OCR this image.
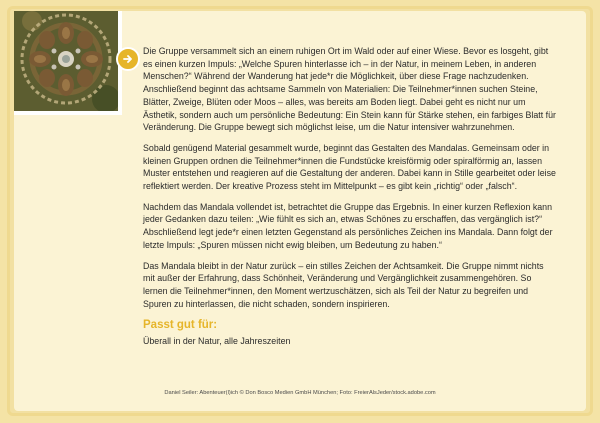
Die Gruppe versammelt sich an einem ruhigen Ort im Wald oder auf einer Wiese. Bevor es losgeht, gibt es einen kurzen Impuls: „Welche Spuren hinterlasse ich – in der Natur, in meinem Leben, in anderen Menschen?“ Während der Wanderung hat jede*r die Möglichkeit, über diese Frage nachzudenken. Anschließend beginnt das achtsame Sammeln von Materialien: Die Teilnehmer*innen suchen Steine, Blätter, Zweige, Blüten oder Moos – alles, was bereits am Boden liegt. Dabei geht es nicht nur um Ästhetik, sondern auch um persönliche Bedeutung: Ein Stein kann für Stärke stehen, ein farbiges Blatt für Veränderung. Die Gruppe bewegt sich möglichst leise, um die Natur intensiver wahrzunehmen.

Sobald genügend Material gesammelt wurde, beginnt das Gestalten des Mandalas. Gemeinsam oder in kleinen Gruppen ordnen die Teilnehmer*innen die Fundstücke kreisförmig oder spiralförmig an, lassen Muster entstehen und reagieren auf die Gestaltung der anderen. Dabei kann in Stille gearbeitet oder leise reflektiert werden. Der kreative Prozess steht im Mittelpunkt – es gibt kein „richtig“ oder „falsch“.

Nachdem das Mandala vollendet ist, betrachtet die Gruppe das Ergebnis. In einer kurzen Reflexion kann jeder Gedanken dazu teilen: „Wie fühlt es sich an, etwas Schönes zu erschaffen, das vergänglich ist?“ Abschließend legt jede*r einen letzten Gegenstand als persönliches Zeichen ins Mandala. Dann folgt der letzte Impuls: „Spuren müssen nicht ewig bleiben, um Bedeutung zu haben.“

Das Mandala bleibt in der Natur zurück – ein stilles Zeichen der Achtsamkeit. Die Gruppe nimmt nichts mit außer der Erfahrung, dass Schönheit, Veränderung und Vergänglichkeit zusammengehören. So lernen die Teilnehmer*innen, den Moment wertzuschätzen, sich als Teil der Natur zu begreifen und Spuren zu hinterlassen, die nicht schaden, sondern inspirieren.

Passt gut für:

Überall in der Natur, alle Jahreszeiten

Daniel Seiler: Abenteuer(l)ich © Don Bosco Medien GmbH München; Foto: FreierAlsJeder/stock.adobe.com
